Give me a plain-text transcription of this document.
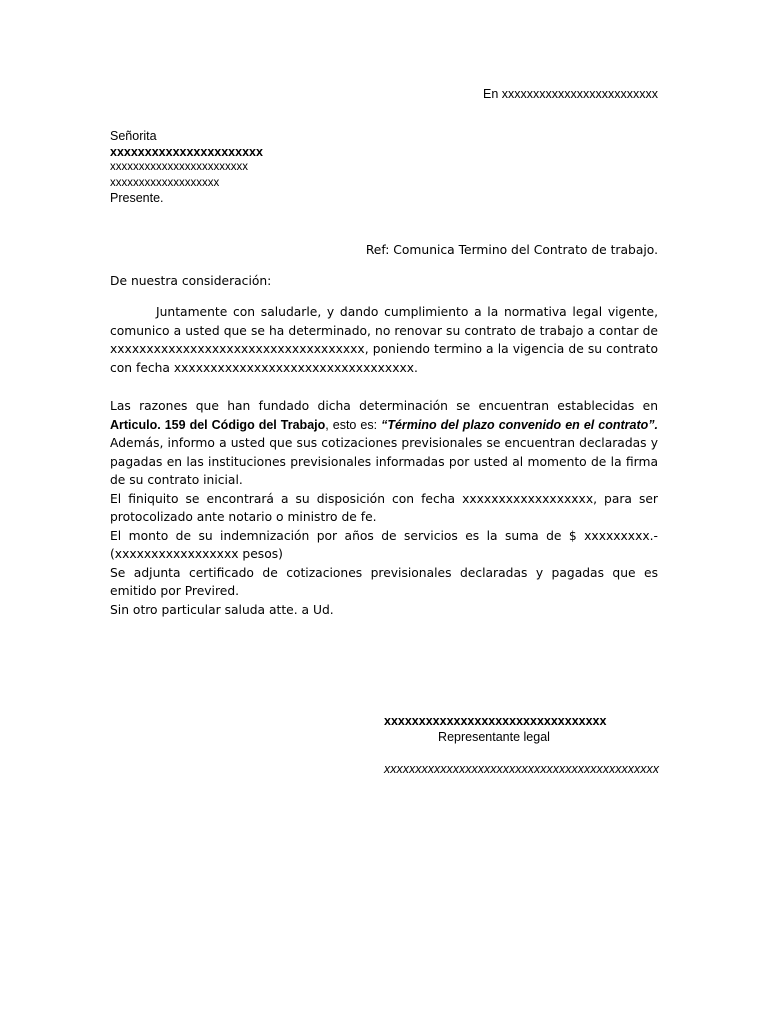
En xxxxxxxxxxxxxxxxxxxxxxxxx
Señorita
xxxxxxxxxxxxxxxxxxxxxx
xxxxxxxxxxxxxxxxxxxxxxxx
xxxxxxxxxxxxxxxxxxx
Presente.
Ref: Comunica Termino del Contrato de trabajo.
De nuestra consideración:
Juntamente con saludarle, y dando cumplimiento a la normativa legal vigente, comunico a usted que se ha determinado, no renovar su contrato de trabajo a contar de xxxxxxxxxxxxxxxxxxxxxxxxxxxxxxxxxxx, poniendo termino a la vigencia de su contrato con fecha xxxxxxxxxxxxxxxxxxxxxxxxxxxxxxxxx.
Las razones que han fundado dicha determinación se encuentran establecidas en Articulo. 159 del Código del Trabajo, esto es: “Término del plazo convenido en el contrato”. Además, informo a usted que sus cotizaciones previsionales se encuentran declaradas y pagadas en las instituciones previsionales informadas por usted al momento de la firma de su contrato inicial.
El finiquito se encontrará a su disposición con fecha xxxxxxxxxxxxxxxxxx, para ser protocolizado ante notario o ministro de fe.
El monto de su indemnización por años de servicios es la suma de $ xxxxxxxxx.- (xxxxxxxxxxxxxxxxx pesos)
Se adjunta certificado de cotizaciones previsionales declaradas y pagadas que es emitido por Previred.
Sin otro particular saluda atte. a Ud.
xxxxxxxxxxxxxxxxxxxxxxxxxxxxxxxx
Representante legal
xxxxxxxxxxxxxxxxxxxxxxxxxxxxxxxxxxxxxxxxxxxx
